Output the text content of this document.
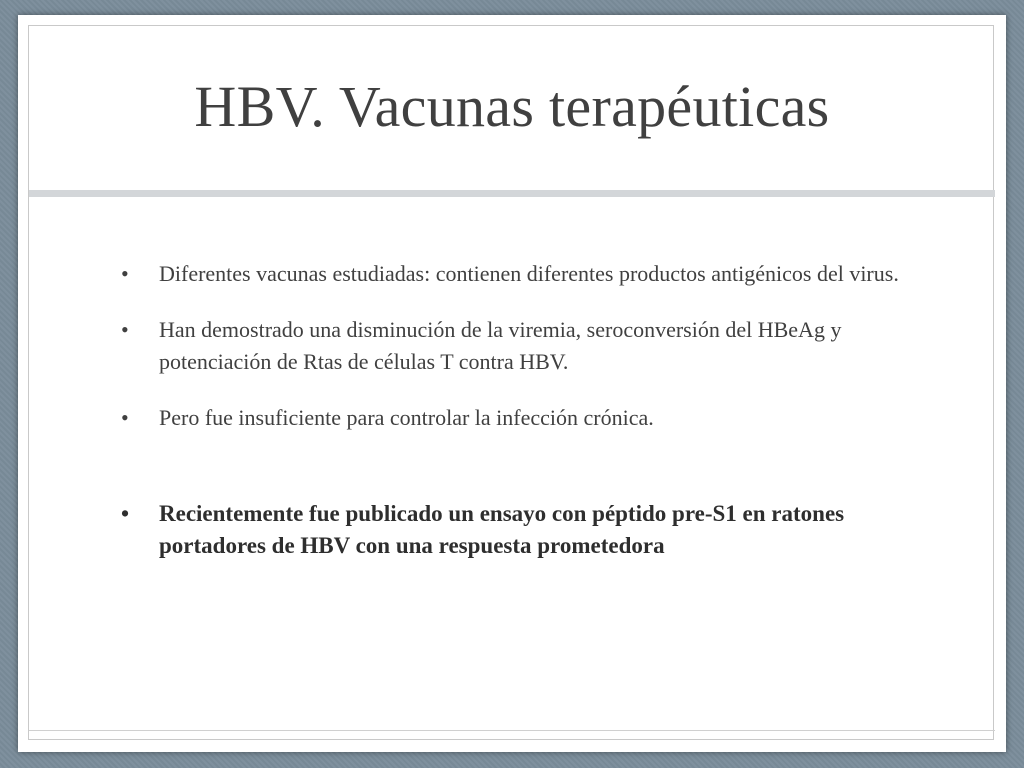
HBV. Vacunas terapéuticas
•	Diferentes vacunas estudiadas: contienen diferentes productos antigénicos del virus.
•	Han demostrado una disminución de la viremia, seroconversión del HBeAg y potenciación de Rtas de células T contra HBV.
•	Pero fue insuficiente para controlar la infección crónica.
•	Recientemente fue publicado un ensayo con péptido pre-S1 en ratones portadores de HBV con una respuesta prometedora
